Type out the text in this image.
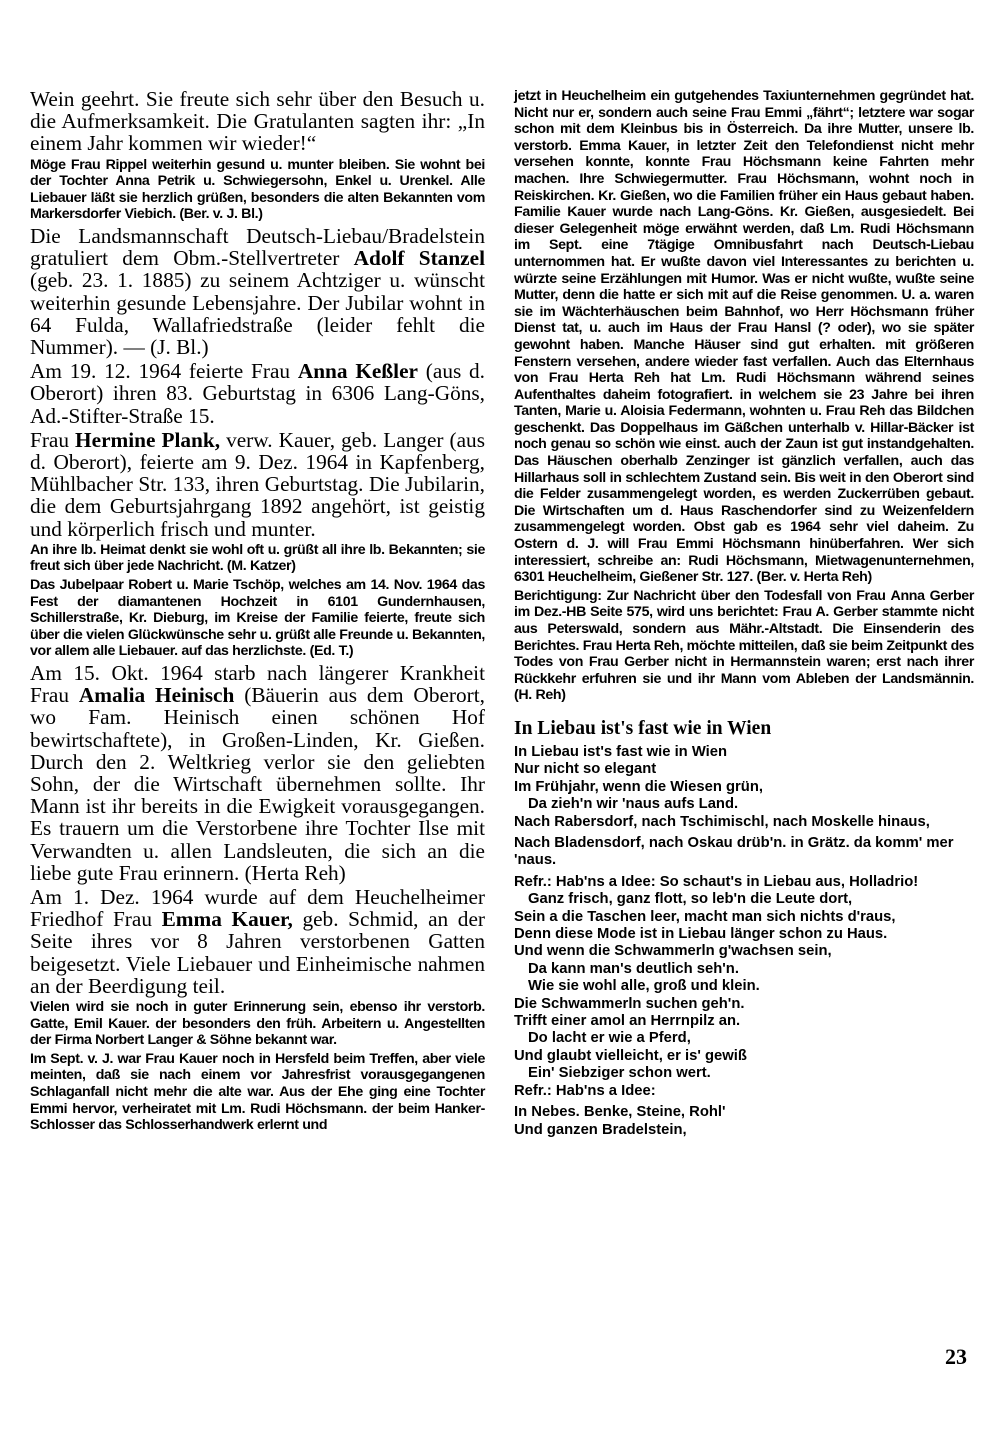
Wein geehrt. Sie freute sich sehr über den Besuch u. die Aufmerksamkeit. Die Gratulanten sagten ihr: „In einem Jahr kommen wir wieder!“

Möge Frau Rippel weiterhin gesund u. munter bleiben. Sie wohnt bei der Tochter Anna Petrik u. Schwiegersohn, Enkel u. Urenkel. Alle Liebauer läßt sie herzlich grüßen, besonders die alten Bekannten vom Markersdorfer Viebich. (Ber. v. J. Bl.)

Die Landsmannschaft Deutsch-Liebau/Bradelstein gratuliert dem Obm.-Stellvertreter Adolf Stanzel (geb. 23. 1. 1885) zu seinem Achtziger u. wünscht weiterhin gesunde Lebensjahre. Der Jubilar wohnt in 64 Fulda, Wallafriedstraße (leider fehlt die Nummer). — (J. Bl.)

Am 19. 12. 1964 feierte Frau Anna Keßler (aus d. Oberort) ihren 83. Geburtstag in 6306 Lang-Göns, Ad.-Stifter-Straße 15.

Frau Hermine Plank, verw. Kauer, geb. Langer (aus d. Oberort), feierte am 9. Dez. 1964 in Kapfenberg, Mühlbacher Str. 133, ihren Geburtstag. Die Jubilarin, die dem Geburtsjahrgang 1892 angehört, ist geistig und körperlich frisch und munter.

An ihre lb. Heimat denkt sie wohl oft u. grüßt all ihre lb. Bekannten; sie freut sich über jede Nachricht. (M. Katzer)

Das Jubelpaar Robert u. Marie Tschöp, welches am 14. Nov. 1964 das Fest der diamantenen Hochzeit in 6101 Gundernhausen, Schillerstraße, Kr. Dieburg, im Kreise der Familie feierte, freute sich über die vielen Glückwünsche sehr u. grüßt alle Freunde u. Bekannten, vor allem alle Liebauer. auf das herzlichste. (Ed. T.)

Am 15. Okt. 1964 starb nach längerer Krankheit Frau Amalia Heinisch (Bäuerin aus dem Oberort, wo Fam. Heinisch einen schönen Hof bewirtschaftete), in Großen-Linden, Kr. Gießen. Durch den 2. Weltkrieg verlor sie den geliebten Sohn, der die Wirtschaft übernehmen sollte. Ihr Mann ist ihr bereits in die Ewigkeit vorausgegangen. Es trauern um die Verstorbene ihre Tochter Ilse mit Verwandten u. allen Landsleuten, die sich an die liebe gute Frau erinnern. (Herta Reh)

Am 1. Dez. 1964 wurde auf dem Heuchelheimer Friedhof Frau Emma Kauer, geb. Schmid, an der Seite ihres vor 8 Jahren verstorbenen Gatten beigesetzt. Viele Liebauer und Einheimische nahmen an der Beerdigung teil.

Vielen wird sie noch in guter Erinnerung sein, ebenso ihr verstorb. Gatte, Emil Kauer. der besonders den früh. Arbeitern u. Angestellten der Firma Norbert Langer & Söhne bekannt war.

Im Sept. v. J. war Frau Kauer noch in Hersfeld beim Treffen, aber viele meinten, daß sie nach einem vor Jahresfrist vorausgegangenen Schlaganfall nicht mehr die alte war. Aus der Ehe ging eine Tochter Emmi hervor, verheiratet mit Lm. Rudi Höchsmann. der beim Hanker-Schlosser das Schlosserhandwerk erlernt und

jetzt in Heuchelheim ein gutgehendes Taxiunternehmen gegründet hat. Nicht nur er, sondern auch seine Frau Emmi „fährt“; letztere war sogar schon mit dem Kleinbus bis in Österreich. Da ihre Mutter, unsere lb. verstorb. Emma Kauer, in letzter Zeit den Telefondienst nicht mehr versehen konnte, konnte Frau Höchsmann keine Fahrten mehr machen. Ihre Schwiegermutter. Frau Höchsmann, wohnt noch in Reiskirchen. Kr. Gießen, wo die Familien früher ein Haus gebaut haben. Familie Kauer wurde nach Lang-Göns. Kr. Gießen, ausgesiedelt. Bei dieser Gelegenheit möge erwähnt werden, daß Lm. Rudi Höchsmann im Sept. eine 7tägige Omnibusfahrt nach Deutsch-Liebau unternommen hat. Er wußte davon viel Interessantes zu berichten u. würzte seine Erzählungen mit Humor. Was er nicht wußte, wußte seine Mutter, denn die hatte er sich mit auf die Reise genommen. U. a. waren sie im Wächterhäuschen beim Bahnhof, wo Herr Höchsmann früher Dienst tat, u. auch im Haus der Frau Hansl (? oder), wo sie später gewohnt haben. Manche Häuser sind gut erhalten. mit größeren Fenstern versehen, andere wieder fast verfallen. Auch das Elternhaus von Frau Herta Reh hat Lm. Rudi Höchsmann während seines Aufenthaltes daheim fotografiert. in welchem sie 23 Jahre bei ihren Tanten, Marie u. Aloisia Federmann, wohnten u. Frau Reh das Bildchen geschenkt. Das Doppelhaus im Gäßchen unterhalb v. Hillar-Bäcker ist noch genau so schön wie einst. auch der Zaun ist gut instandgehalten. Das Häuschen oberhalb Zenzinger ist gänzlich verfallen, auch das Hillarhaus soll in schlechtem Zustand sein. Bis weit in den Oberort sind die Felder zusammengelegt worden, es werden Zuckerrüben gebaut. Die Wirtschaften um d. Haus Raschendorfer sind zu Weizenfeldern zusammengelegt worden. Obst gab es 1964 sehr viel daheim. Zu Ostern d. J. will Frau Emmi Höchsmann hinüberfahren. Wer sich interessiert, schreibe an: Rudi Höchsmann, Mietwagenunternehmen, 6301 Heuchelheim, Gießener Str. 127. (Ber. v. Herta Reh)

Berichtigung: Zur Nachricht über den Todesfall von Frau Anna Gerber im Dez.-HB Seite 575, wird uns berichtet: Frau A. Gerber stammte nicht aus Peterswald, sondern aus Mähr.-Altstadt. Die Einsenderin des Berichtes. Frau Herta Reh, möchte mitteilen, daß sie beim Zeitpunkt des Todes von Frau Gerber nicht in Hermannstein waren; erst nach ihrer Rückkehr erfuhren sie und ihr Mann vom Ableben der Landsmännin. (H. Reh)

In Liebau ist's fast wie in Wien

In Liebau ist's fast wie in Wien

Nur nicht so elegant

Im Frühjahr, wenn die Wiesen grün,

Da zieh'n wir 'naus aufs Land.

Nach Rabersdorf, nach Tschimischl, nach Moskelle hinaus,

Nach Bladensdorf, nach Oskau drüb'n. in Grätz. da komm' mer 'naus.

Refr.: Hab'ns a Idee: So schaut's in Liebau aus, Holladrio!

Ganz frisch, ganz flott, so leb'n die Leute dort,

Sein a die Taschen leer, macht man sich nichts d'raus,

Denn diese Mode ist in Liebau länger schon zu Haus.

Und wenn die Schwammerln g'wachsen sein,

Da kann man's deutlich seh'n.

Wie sie wohl alle, groß und klein.

Die Schwammerln suchen geh'n.

Trifft einer amol an Herrnpilz an.

Do lacht er wie a Pferd,

Und glaubt vielleicht, er is' gewiß

Ein' Siebziger schon wert.

Refr.: Hab'ns a Idee:

In Nebes. Benke, Steine, Rohl'

Und ganzen Bradelstein,

23
